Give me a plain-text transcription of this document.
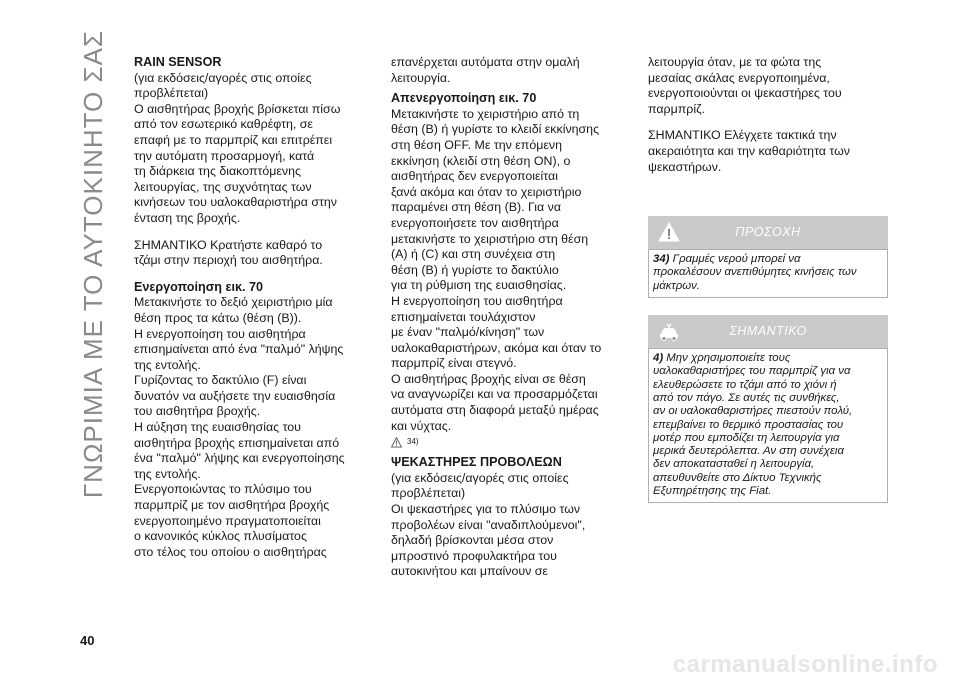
ΓΝΩΡΙΜΙΑ ΜΕ ΤΟ ΑΥΤΟΚΙΝΗΤΟ ΣΑΣ RAIN SENSOR

(για εκδόσεις/αγορές στις οποίες

προβλέπεται)

Ο αισθητήρας βροχής βρίσκεται πίσω

από τον εσωτερικό καθρέφτη, σε

επαφή με το παρμπρίζ και επιτρέπει

την αυτόματη προσαρμογή, κατά

τη διάρκεια της διακοπτόμενης

λειτουργίας, της συχνότητας των

κινήσεων του υαλοκαθαριστήρα στην

ένταση της βροχής.

ΣΗΜΑΝΤΙΚΟ Κρατήστε καθαρό το

τζάμι στην περιοχή του αισθητήρα.

Ενεργοποίηση εικ. 70

Μετακινήστε το δεξιό χειριστήριο μία

θέση προς τα κάτω (θέση (B)).

Η ενεργοποίηση του αισθητήρα

επισημαίνεται από ένα "παλμό" λήψης

της εντολής.

Γυρίζοντας το δακτύλιο (F) είναι

δυνατόν να αυξήσετε την ευαισθησία

του αισθητήρα βροχής.

Η αύξηση της ευαισθησίας του

αισθητήρα βροχής επισημαίνεται από

ένα "παλμό" λήψης και ενεργοποίησης

της εντολής.

Ενεργοποιώντας το πλύσιμο του

παρμπρίζ με τον αισθητήρα βροχής

ενεργοποιημένο πραγματοποιείται

ο κανονικός κύκλος πλυσίματος

στο τέλος του οποίου ο αισθητήρας

επανέρχεται αυτόματα στην ομαλή

λειτουργία.

Απενεργοποίηση εικ. 70

Μετακινήστε το χειριστήριο από τη

θέση (B) ή γυρίστε το κλειδί εκκίνησης

στη θέση OFF. Με την επόμενη

εκκίνηση (κλειδί στη θέση ON), ο

αισθητήρας δεν ενεργοποιείται

ξανά ακόμα και όταν το χειριστήριο

παραμένει στη θέση (B). Για να

ενεργοποιήσετε τον αισθητήρα

μετακινήστε το χειριστήριο στη θέση

(A) ή (C) και στη συνέχεια στη

θέση (B) ή γυρίστε το δακτύλιο

για τη ρύθμιση της ευαισθησίας.

Η ενεργοποίηση του αισθητήρα

επισημαίνεται τουλάχιστον

με έναν "παλμό/κίνηση" των

υαλοκαθαριστήρων, ακόμα και όταν το

παρμπρίζ είναι στεγνό.

Ο αισθητήρας βροχής είναι σε θέση

να αναγνωρίζει και να προσαρμόζεται

αυτόματα στη διαφορά μεταξύ ημέρας

και νύχτας.

34)

ΨΕΚΑΣΤΗΡΕΣ ΠΡΟΒΟΛΕΩΝ

(για εκδόσεις/αγορές στις οποίες

προβλέπεται)

Οι ψεκαστήρες για το πλύσιμο των

προβολέων είναι "αναδιπλούμενοι",

δηλαδή βρίσκονται μέσα στον

μπροστινό προφυλακτήρα του

αυτοκινήτου και μπαίνουν σε

λειτουργία όταν, με τα φώτα της

μεσαίας σκάλας ενεργοποιημένα,

ενεργοποιούνται οι ψεκαστήρες του

παρμπρίζ.

ΣΗΜΑΝΤΙΚΟ Ελέγχετε τακτικά την

ακεραιότητα και την καθαριότητα των

ψεκαστήρων.

ΠΡΟΣΟΧΗ

34) Γραμμές νερού μπορεί να

προκαλέσουν ανεπιθύμητες κινήσεις των

μάκτρων.

ΣΗΜΑΝΤΙΚΟ

4) Μην χρησιμοποιείτε τους

υαλοκαθαριστήρες του παρμπρίζ για να

ελευθερώσετε το τζάμι από το χιόνι ή

από τον πάγο. Σε αυτές τις συνθήκες,

αν οι υαλοκαθαριστήρες πιεστούν πολύ,

επεμβαίνει το θερμικό προστασίας του

μοτέρ που εμποδίζει τη λειτουργία για

μερικά δευτερόλεπτα. Αν στη συνέχεια

δεν αποκατασταθεί η λειτουργία,

απευθυνθείτε στο Δίκτυο Τεχνικής

Εξυπηρέτησης της Fiat.

40
carmanualsonline.info
